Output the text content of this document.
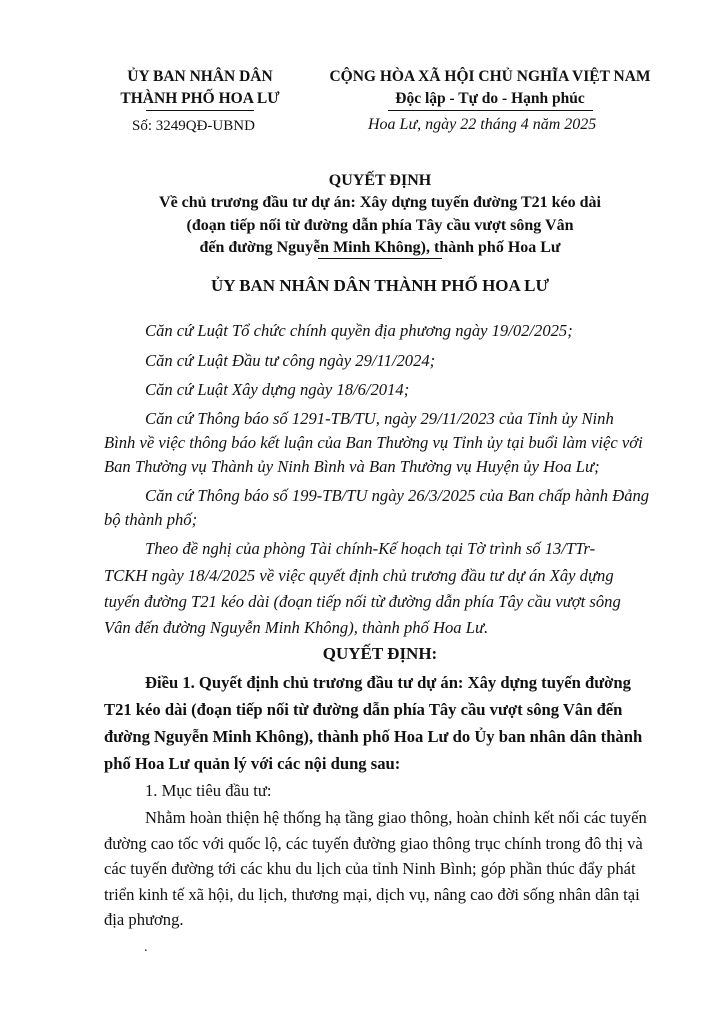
ỦY BAN NHÂN DÂN
THÀNH PHỐ HOA LƯ
Số: 3249QĐ-UBND
CỘNG HÒA XÃ HỘI CHỦ NGHĨA VIỆT NAM
Độc lập - Tự do - Hạnh phúc
Hoa Lư, ngày 22 tháng 4 năm 2025
QUYẾT ĐỊNH
Về chủ trương đầu tư dự án: Xây dựng tuyến đường T21 kéo dài
(đoạn tiếp nối từ đường dẫn phía Tây cầu vượt sông Vân
đến đường Nguyễn Minh Không), thành phố Hoa Lư
ỦY BAN NHÂN DÂN THÀNH PHỐ HOA LƯ
Căn cứ Luật Tổ chức chính quyền địa phương ngày 19/02/2025;
Căn cứ Luật Đầu tư công ngày 29/11/2024;
Căn cứ Luật Xây dựng ngày 18/6/2014;
Căn cứ Thông báo số 1291-TB/TU, ngày 29/11/2023 của Tỉnh ủy Ninh
Bình về việc thông báo kết luận của Ban Thường vụ Tỉnh ủy tại buổi làm việc với
Ban Thường vụ Thành ủy Ninh Bình và Ban Thường vụ Huyện ủy Hoa Lư;
Căn cứ Thông báo số 199-TB/TU ngày 26/3/2025 của Ban chấp hành Đảng
bộ thành phố;
Theo đề nghị của phòng Tài chính-Kế hoạch tại Tờ trình số 13/TTr-
TCKH ngày 18/4/2025 về việc quyết định chủ trương đầu tư dự án Xây dựng
tuyến đường T21 kéo dài (đoạn tiếp nối từ đường dẫn phía Tây cầu vượt sông
Vân đến đường Nguyễn Minh Không), thành phố Hoa Lư.
QUYẾT ĐỊNH:
Điều 1. Quyết định chủ trương đầu tư dự án: Xây dựng tuyến đường
T21 kéo dài (đoạn tiếp nối từ đường dẫn phía Tây cầu vượt sông Vân đến
đường Nguyễn Minh Không), thành phố Hoa Lư do Ủy ban nhân dân thành
phố Hoa Lư quản lý với các nội dung sau:
1. Mục tiêu đầu tư:
Nhằm hoàn thiện hệ thống hạ tầng giao thông, hoàn chỉnh kết nối các tuyến
đường cao tốc với quốc lộ, các tuyến đường giao thông trục chính trong đô thị và
các tuyến đường tới các khu du lịch của tỉnh Ninh Bình; góp phần thúc đẩy phát
triển kinh tế xã hội, du lịch, thương mại, dịch vụ, nâng cao đời sống nhân dân tại
địa phương.
.
